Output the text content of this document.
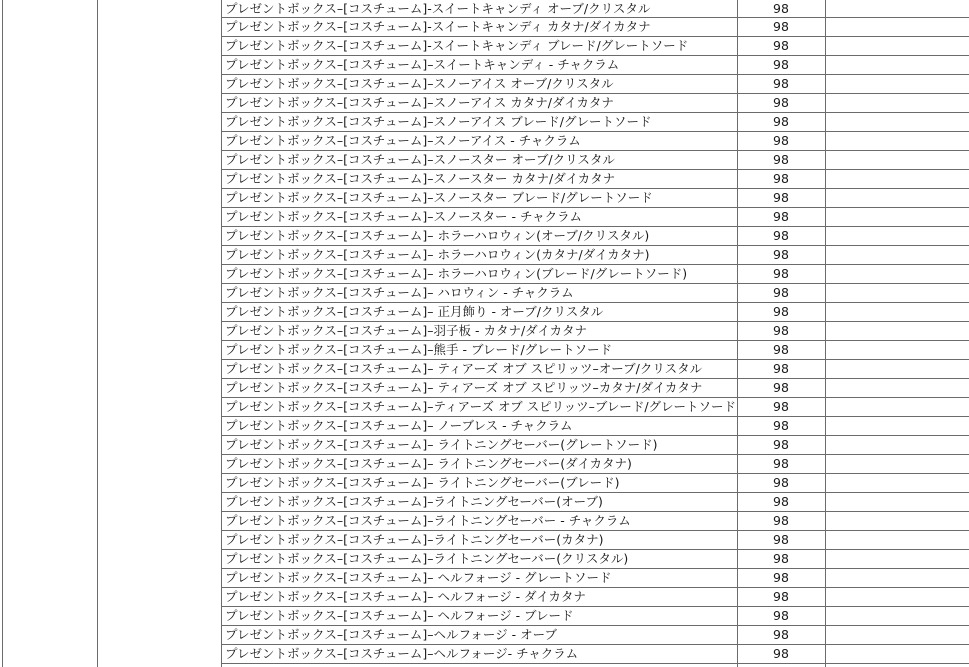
プレゼントボックス–[コスチューム]-スイートキャンディ オーブ/クリスタル	98
プレゼントボックス–[コスチューム]-スイートキャンディ カタナ/ダイカタナ	98
プレゼントボックス–[コスチューム]-スイートキャンディ ブレード/グレートソード	98
プレゼントボックス–[コスチューム]–スイートキャンディ - チャクラム	98
プレゼントボックス–[コスチューム]–スノーアイス オーブ/クリスタル	98
プレゼントボックス–[コスチューム]–スノーアイス カタナ/ダイカタナ	98
プレゼントボックス–[コスチューム]–スノーアイス ブレード/グレートソード	98
プレゼントボックス–[コスチューム]–スノーアイス - チャクラム	98
プレゼントボックス–[コスチューム]–スノースター オーブ/クリスタル	98
プレゼントボックス–[コスチューム]–スノースター カタナ/ダイカタナ	98
プレゼントボックス–[コスチューム]–スノースター ブレード/グレートソード	98
プレゼントボックス–[コスチューム]–スノースター - チャクラム	98
プレゼントボックス–[コスチューム]– ホラーハロウィン(オーブ/クリスタル)	98
プレゼントボックス–[コスチューム]– ホラーハロウィン(カタナ/ダイカタナ)	98
プレゼントボックス–[コスチューム]– ホラーハロウィン(ブレード/グレートソード)	98
プレゼントボックス–[コスチューム]– ハロウィン - チャクラム	98
プレゼントボックス–[コスチューム]– 正月飾り - オーブ/クリスタル	98
プレゼントボックス–[コスチューム]–羽子板 - カタナ/ダイカタナ	98
プレゼントボックス–[コスチューム]–熊手 - ブレード/グレートソード	98
プレゼントボックス–[コスチューム]– ティアーズ オブ スピリッツ–オーブ/クリスタル	98
プレゼントボックス–[コスチューム]– ティアーズ オブ スピリッツ–カタナ/ダイカタナ	98
プレゼントボックス–[コスチューム]–ティアーズ オブ スピリッツ–ブレード/グレートソード	98
プレゼントボックス–[コスチューム]– ノーブレス - チャクラム	98
プレゼントボックス–[コスチューム]– ライトニングセーバー(グレートソード)	98
プレゼントボックス–[コスチューム]– ライトニングセーバー(ダイカタナ)	98
プレゼントボックス–[コスチューム]– ライトニングセーバー(ブレード)	98
プレゼントボックス–[コスチューム]–ライトニングセーバー(オーブ)	98
プレゼントボックス–[コスチューム]–ライトニングセーバー - チャクラム	98
プレゼントボックス–[コスチューム]–ライトニングセーバー(カタナ)	98
プレゼントボックス–[コスチューム]–ライトニングセーバー(クリスタル)	98
プレゼントボックス–[コスチューム]– ヘルフォージ - グレートソード	98
プレゼントボックス–[コスチューム]– ヘルフォージ - ダイカタナ	98
プレゼントボックス–[コスチューム]– ヘルフォージ - ブレード	98
プレゼントボックス–[コスチューム]–ヘルフォージ - オーブ	98
プレゼントボックス–[コスチューム]–ヘルフォージ- チャクラム	98
